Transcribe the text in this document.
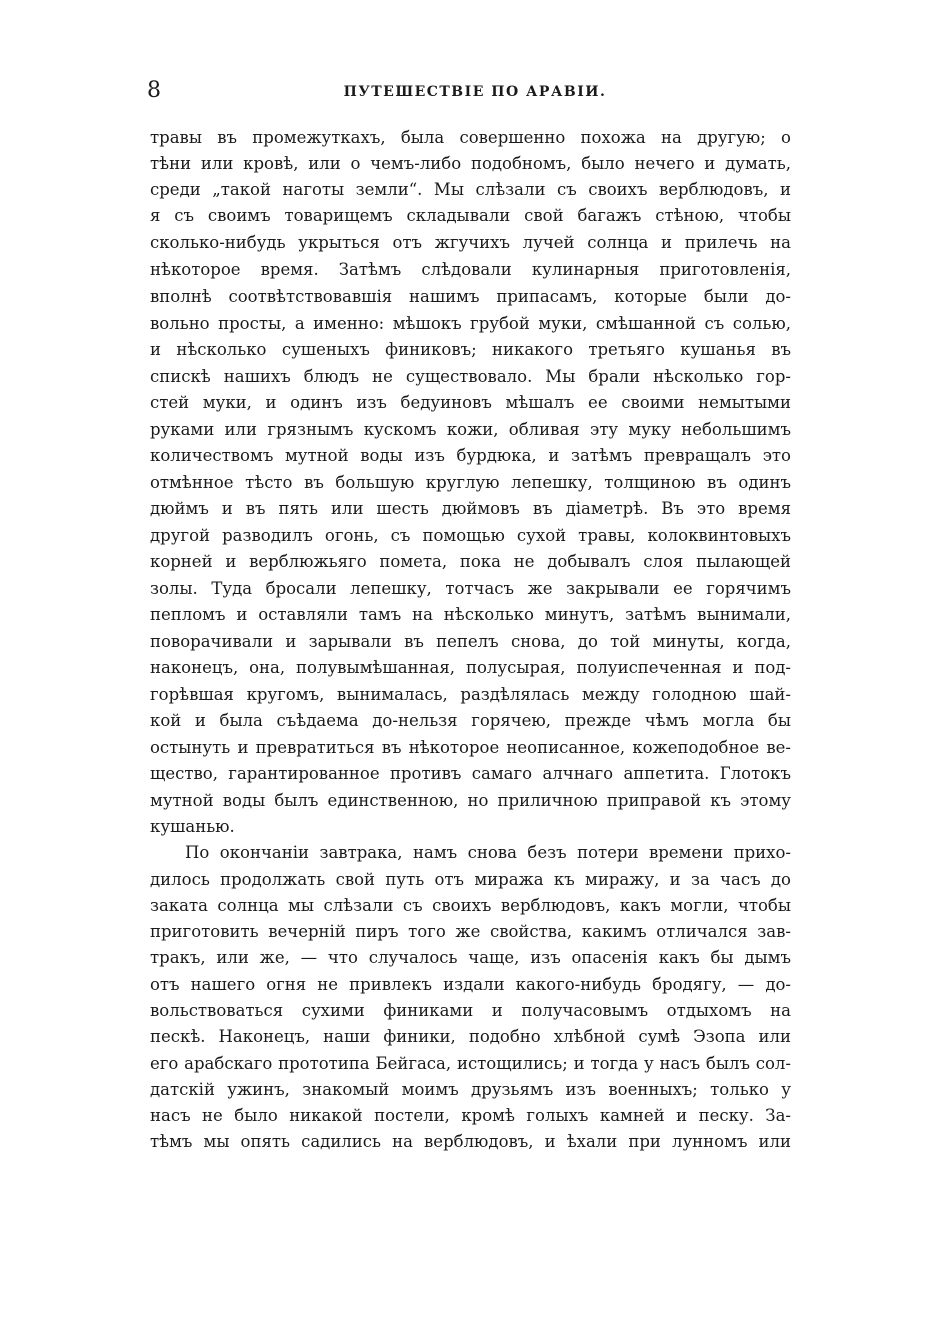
8	ПУТЕШЕСТВІЕ ПО АРАВІИ.
травы въ промежуткахъ, была совершенно похожа на другую; о
тѣни или кровѣ, или о чемъ-либо подобномъ, было нечего и думать,
среди „такой наготы земли“. Мы слѣзали съ своихъ верблюдовъ, и
я съ своимъ товарищемъ складывали свой багажъ стѣною, чтобы
сколько-нибудь укрыться отъ жгучихъ лучей солнца и прилечь на
нѣкоторое время. Затѣмъ слѣдовали кулинарныя приготовленія,
вполнѣ соотвѣтствовавшія нашимъ припасамъ, которые были до-
вольно просты, а именно: мѣшокъ грубой муки, смѣшанной съ солью,
и нѣсколько сушеныхъ финиковъ; никакого третьяго кушанья въ
спискѣ нашихъ блюдъ не существовало. Мы брали нѣсколько гор-
стей муки, и одинъ изъ бедуиновъ мѣшалъ ее своими немытыми
руками или грязнымъ кускомъ кожи, обливая эту муку небольшимъ
количествомъ мутной воды изъ бурдюка, и затѣмъ превращалъ это
отмѣнное тѣсто въ большую круглую лепешку, толщиною въ одинъ
дюймъ и въ пять или шесть дюймовъ въ діаметрѣ. Въ это время
другой разводилъ огонь, съ помощью сухой травы, колоквинтовыхъ
корней и верблюжьяго помета, пока не добывалъ слоя пылающей
золы. Туда бросали лепешку, тотчасъ же закрывали ее горячимъ
пепломъ и оставляли тамъ на нѣсколько минутъ, затѣмъ вынимали,
поворачивали и зарывали въ пепелъ снова, до той минуты, когда,
наконецъ, она, полувымѣшанная, полусырая, полуиспеченная и под-
горѣвшая кругомъ, вынималась, раздѣлялась между голодною шай-
кой и была съѣдаема до-нельзя горячею, прежде чѣмъ могла бы
остынуть и превратиться въ нѣкоторое неописанное, кожеподобное ве-
щество, гарантированное противъ самаго алчнаго аппетита. Глотокъ
мутной воды былъ единственною, но приличною приправой къ этому
кушанью.
По окончаніи завтрака, намъ снова безъ потери времени прихо-
дилось продолжать свой путь отъ миража къ миражу, и за часъ до
заката солнца мы слѣзали съ своихъ верблюдовъ, какъ могли, чтобы
приготовить вечерній пиръ того же свойства, какимъ отличался зав-
тракъ, или же, — что случалось чаще, изъ опасенія какъ бы дымъ
отъ нашего огня не привлекъ издали какого-нибудь бродягу, — до-
вольствоваться сухими финиками и получасовымъ отдыхомъ на
пескѣ. Наконецъ, наши финики, подобно хлѣбной сумѣ Эзопа или
его арабскаго прототипа Бейгаса, истощились; и тогда у насъ былъ сол-
датскій ужинъ, знакомый моимъ друзьямъ изъ военныхъ; только у
насъ не было никакой постели, кромѣ голыхъ камней и песку. За-
тѣмъ мы опять садились на верблюдовъ, и ѣхали при лунномъ или
